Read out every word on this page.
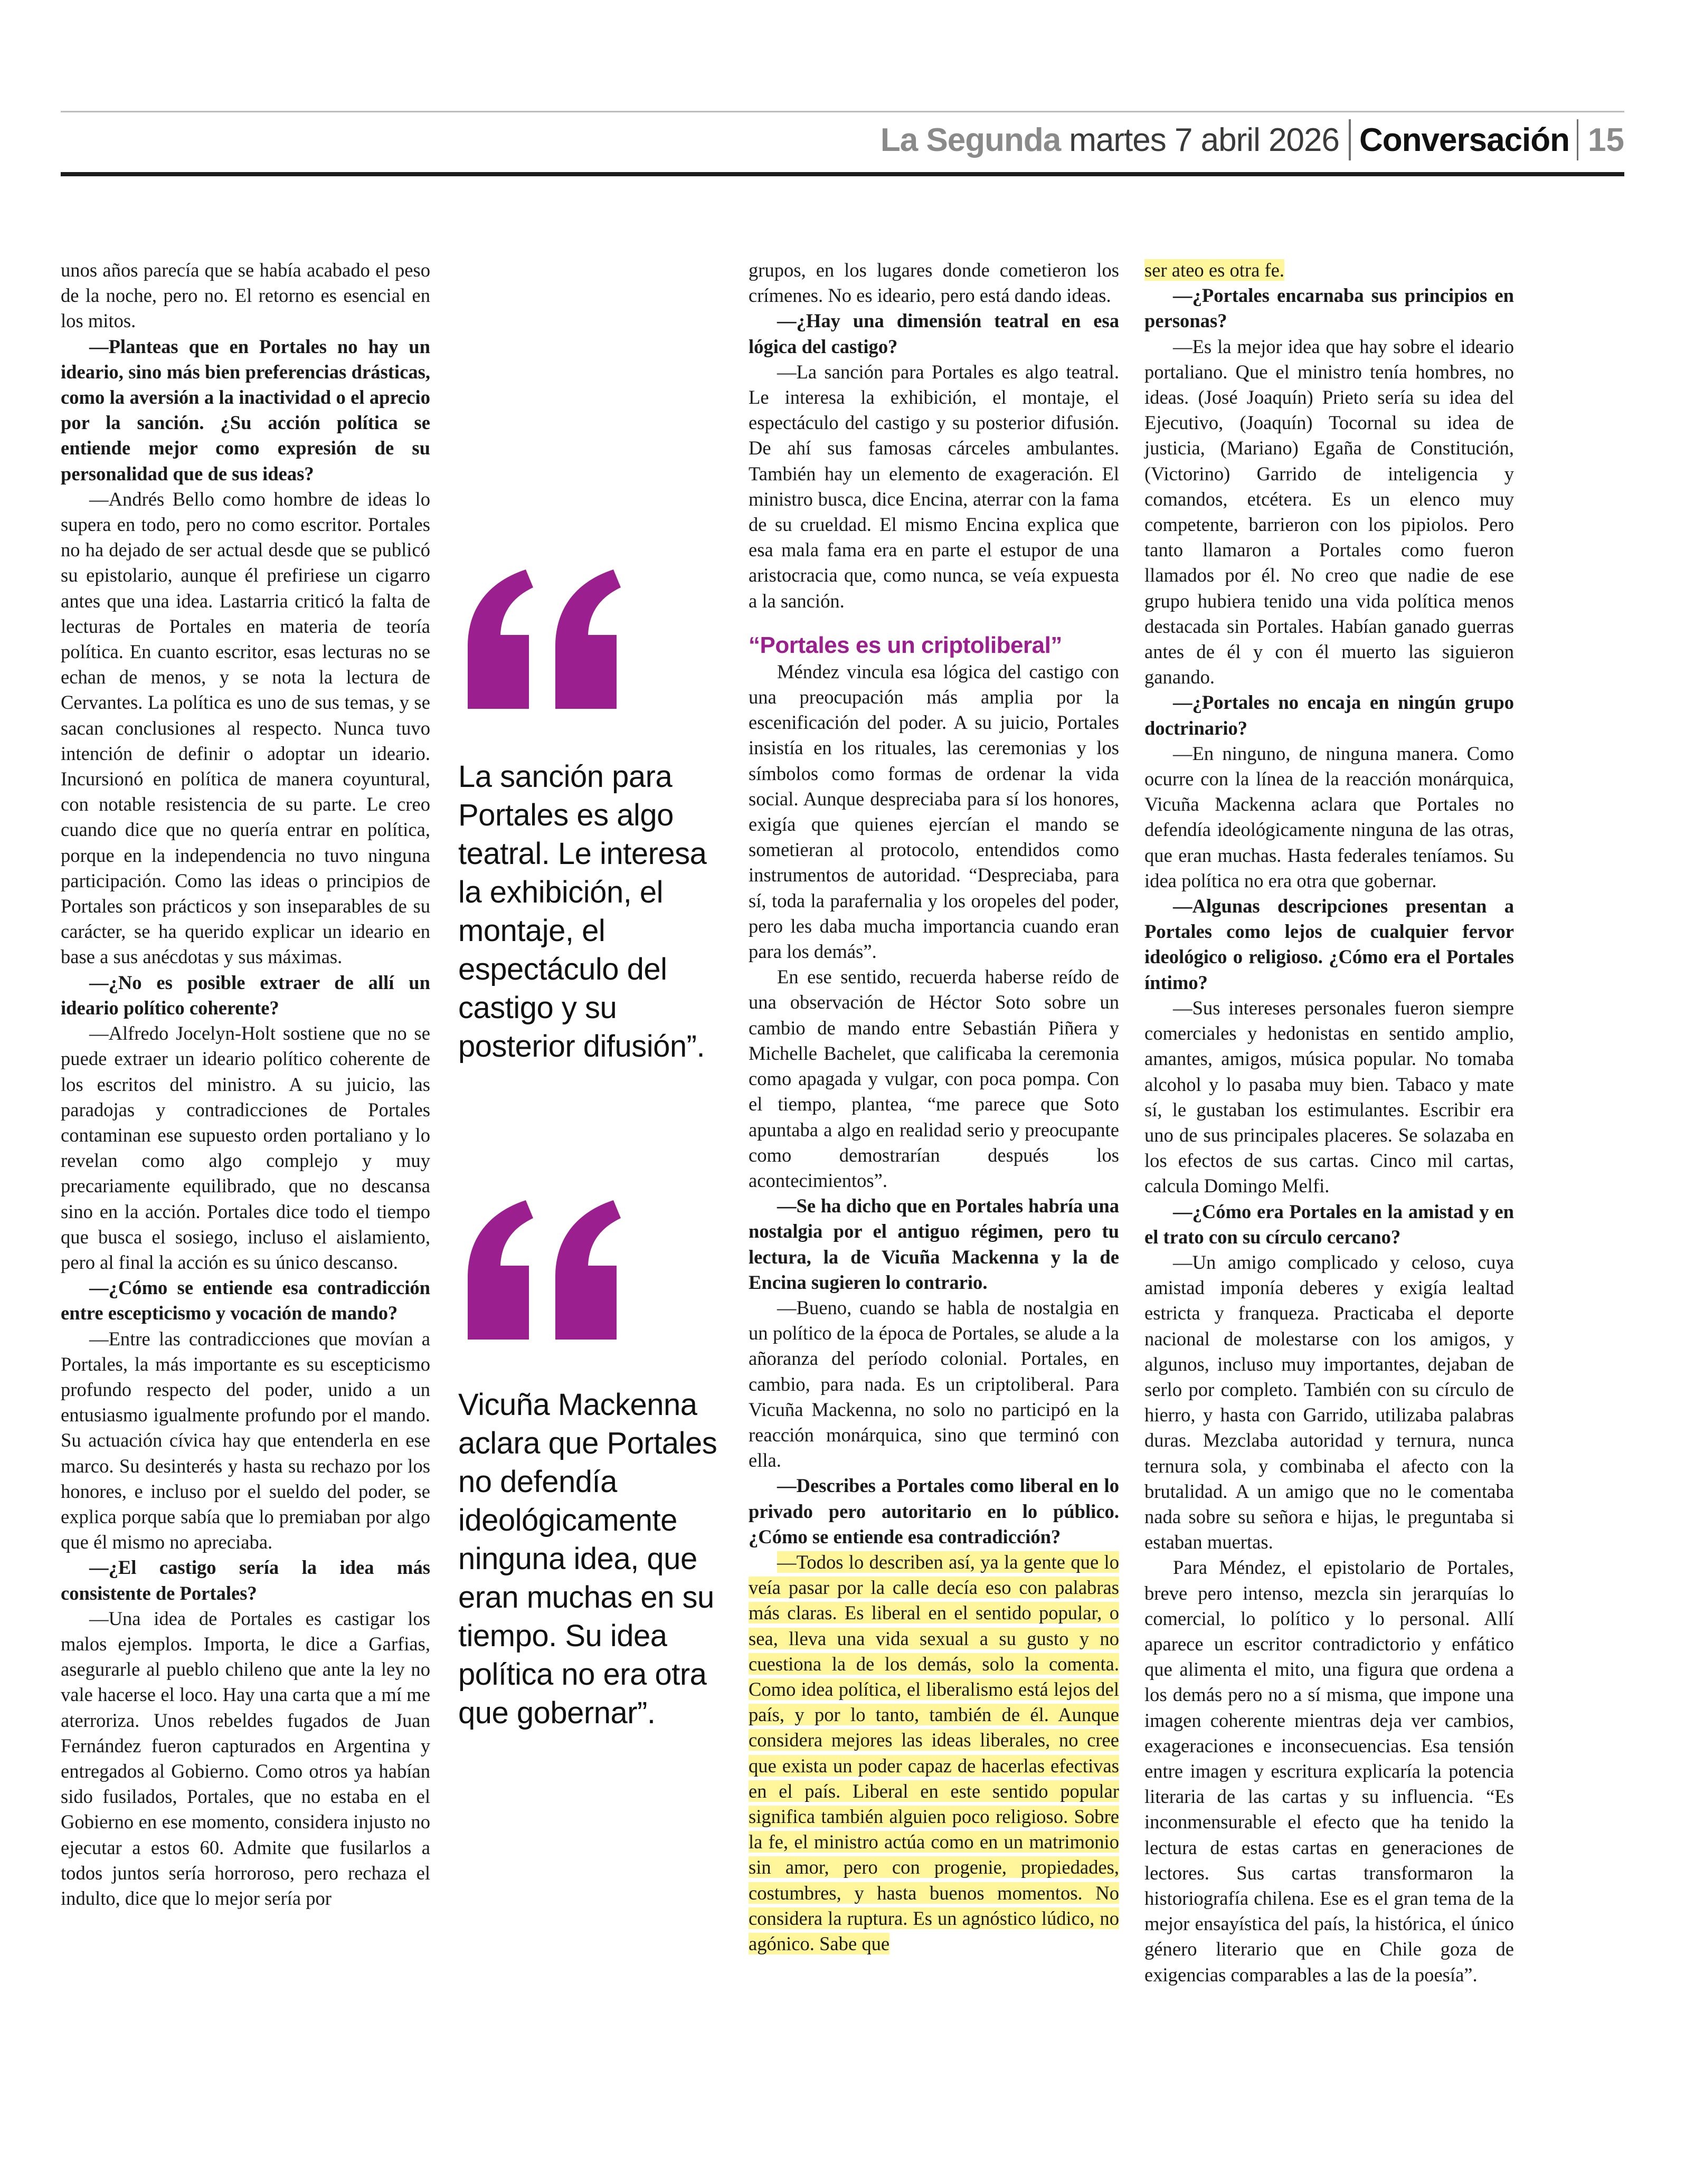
La Segunda martes 7 abril 2026 Conversación 15

unos años parecía que se había acabado el peso de la noche, pero no. El retorno es esencial en los mitos.

—Planteas que en Portales no hay un ideario, sino más bien preferencias drásticas, como la aversión a la inactividad o el aprecio por la sanción. ¿Su acción política se entiende mejor como expresión de su personalidad que de sus ideas?

—Andrés Bello como hombre de ideas lo supera en todo, pero no como escritor. Portales no ha dejado de ser actual desde que se publicó su epistolario, aunque él prefiriese un cigarro antes que una idea. Lastarria criticó la falta de lecturas de Portales en materia de teoría política. En cuanto escritor, esas lecturas no se echan de menos, y se nota la lectura de Cervantes. La política es uno de sus temas, y se sacan conclusiones al respecto. Nunca tuvo intención de definir o adoptar un ideario. Incursionó en política de manera coyuntural, con notable resistencia de su parte. Le creo cuando dice que no quería entrar en política, porque en la independencia no tuvo ninguna participación. Como las ideas o principios de Portales son prácticos y son inseparables de su carácter, se ha querido explicar un ideario en base a sus anécdotas y sus máximas.

—¿No es posible extraer de allí un ideario político coherente?

—Alfredo Jocelyn-Holt sostiene que no se puede extraer un ideario político coherente de los escritos del ministro. A su juicio, las paradojas y contradicciones de Portales contaminan ese supuesto orden portaliano y lo revelan como algo complejo y muy precariamente equilibrado, que no descansa sino en la acción. Portales dice todo el tiempo que busca el sosiego, incluso el aislamiento, pero al final la acción es su único descanso.

—¿Cómo se entiende esa contradicción entre escepticismo y vocación de mando?

—Entre las contradicciones que movían a Portales, la más importante es su escepticismo profundo respecto del poder, unido a un entusiasmo igualmente profundo por el mando. Su actuación cívica hay que entenderla en ese marco. Su desinterés y hasta su rechazo por los honores, e incluso por el sueldo del poder, se explica porque sabía que lo premiaban por algo que él mismo no apreciaba.

—¿El castigo sería la idea más consistente de Portales?

—Una idea de Portales es castigar los malos ejemplos. Importa, le dice a Garfias, asegurarle al pueblo chileno que ante la ley no vale hacerse el loco. Hay una carta que a mí me aterroriza. Unos rebeldes fugados de Juan Fernández fueron capturados en Argentina y entregados al Gobierno. Como otros ya habían sido fusilados, Portales, que no estaba en el Gobierno en ese momento, considera injusto no ejecutar a estos 60. Admite que fusilarlos a todos juntos sería horroroso, pero rechaza el indulto, dice que lo mejor sería por

La sanción para Portales es algo teatral. Le interesa la exhibición, el montaje, el espectáculo del castigo y su posterior difusión”.
Vicuña Mackenna aclara que Portales no defendía ideológicamente ninguna idea, que eran muchas en su tiempo. Su idea política no era otra que gobernar”.

grupos, en los lugares donde cometieron los crímenes. No es ideario, pero está dando ideas.

—¿Hay una dimensión teatral en esa lógica del castigo?

—La sanción para Portales es algo teatral. Le interesa la exhibición, el montaje, el espectáculo del castigo y su posterior difusión. De ahí sus famosas cárceles ambulantes. También hay un elemento de exageración. El ministro busca, dice Encina, aterrar con la fama de su crueldad. El mismo Encina explica que esa mala fama era en parte el estupor de una aristocracia que, como nunca, se veía expuesta a la sanción.

“Portales es un criptoliberal”

Méndez vincula esa lógica del castigo con una preocupación más amplia por la escenificación del poder. A su juicio, Portales insistía en los rituales, las ceremonias y los símbolos como formas de ordenar la vida social. Aunque despreciaba para sí los honores, exigía que quienes ejercían el mando se sometieran al protocolo, entendidos como instrumentos de autoridad. “Despreciaba, para sí, toda la parafernalia y los oropeles del poder, pero les daba mucha importancia cuando eran para los demás”.

En ese sentido, recuerda haberse reído de una observación de Héctor Soto sobre un cambio de mando entre Sebastián Piñera y Michelle Bachelet, que calificaba la ceremonia como apagada y vulgar, con poca pompa. Con el tiempo, plantea, “me parece que Soto apuntaba a algo en realidad serio y preocupante como demostrarían después los acontecimientos”.

—Se ha dicho que en Portales habría una nostalgia por el antiguo régimen, pero tu lectura, la de Vicuña Mackenna y la de Encina sugieren lo contrario.

—Bueno, cuando se habla de nostalgia en un político de la época de Portales, se alude a la añoranza del período colonial. Portales, en cambio, para nada. Es un criptoliberal. Para Vicuña Mackenna, no solo no participó en la reacción monárquica, sino que terminó con ella.

—Describes a Portales como liberal en lo privado pero autoritario en lo público. ¿Cómo se entiende esa contradicción?

—Todos lo describen así, ya la gente que lo veía pasar por la calle decía eso con palabras más claras. Es liberal en el sentido popular, o sea, lleva una vida sexual a su gusto y no cuestiona la de los demás, solo la comenta. Como idea política, el liberalismo está lejos del país, y por lo tanto, también de él. Aunque considera mejores las ideas liberales, no cree que exista un poder capaz de hacerlas efectivas en el país. Liberal en este sentido popular significa también alguien poco religioso. Sobre la fe, el ministro actúa como en un matrimonio sin amor, pero con progenie, propiedades, costumbres, y hasta buenos momentos. No considera la ruptura. Es un agnóstico lúdico, no agónico. Sabe que

ser ateo es otra fe.

—¿Portales encarnaba sus principios en personas?

—Es la mejor idea que hay sobre el ideario portaliano. Que el ministro tenía hombres, no ideas. (José Joaquín) Prieto sería su idea del Ejecutivo, (Joaquín) Tocornal su idea de justicia, (Mariano) Egaña de Constitución, (Victorino) Garrido de inteligencia y comandos, etcétera. Es un elenco muy competente, barrieron con los pipiolos. Pero tanto llamaron a Portales como fueron llamados por él. No creo que nadie de ese grupo hubiera tenido una vida política menos destacada sin Portales. Habían ganado guerras antes de él y con él muerto las siguieron ganando.

—¿Portales no encaja en ningún grupo doctrinario?

—En ninguno, de ninguna manera. Como ocurre con la línea de la reacción monárquica, Vicuña Mackenna aclara que Portales no defendía ideológicamente ninguna de las otras, que eran muchas. Hasta federales teníamos. Su idea política no era otra que gobernar.

—Algunas descripciones presentan a Portales como lejos de cualquier fervor ideológico o religioso. ¿Cómo era el Portales íntimo?

—Sus intereses personales fueron siempre comerciales y hedonistas en sentido amplio, amantes, amigos, música popular. No tomaba alcohol y lo pasaba muy bien. Tabaco y mate sí, le gustaban los estimulantes. Escribir era uno de sus principales placeres. Se solazaba en los efectos de sus cartas. Cinco mil cartas, calcula Domingo Melfi.

—¿Cómo era Portales en la amistad y en el trato con su círculo cercano?

—Un amigo complicado y celoso, cuya amistad imponía deberes y exigía lealtad estricta y franqueza. Practicaba el deporte nacional de molestarse con los amigos, y algunos, incluso muy importantes, dejaban de serlo por completo. También con su círculo de hierro, y hasta con Garrido, utilizaba palabras duras. Mezclaba autoridad y ternura, nunca ternura sola, y combinaba el afecto con la brutalidad. A un amigo que no le comentaba nada sobre su señora e hijas, le preguntaba si estaban muertas.

Para Méndez, el epistolario de Portales, breve pero intenso, mezcla sin jerarquías lo comercial, lo político y lo personal. Allí aparece un escritor contradictorio y enfático que alimenta el mito, una figura que ordena a los demás pero no a sí misma, que impone una imagen coherente mientras deja ver cambios, exageraciones e inconsecuencias. Esa tensión entre imagen y escritura explicaría la potencia literaria de las cartas y su influencia. “Es inconmensurable el efecto que ha tenido la lectura de estas cartas en generaciones de lectores. Sus cartas transformaron la historiografía chilena. Ese es el gran tema de la mejor ensayística del país, la histórica, el único género literario que en Chile goza de exigencias comparables a las de la poesía”.
